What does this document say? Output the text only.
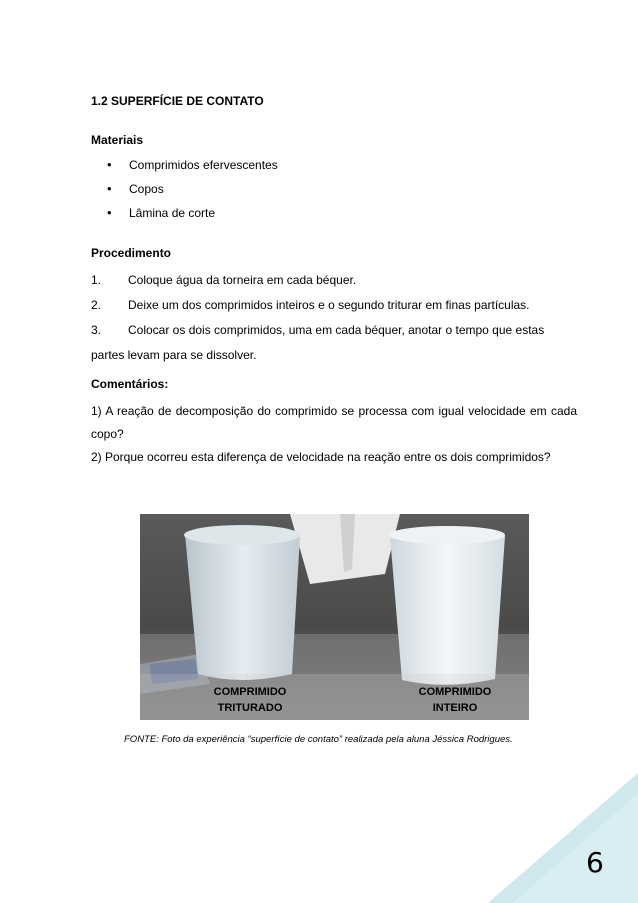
1.2 SUPERFÍCIE DE CONTATO
Materiais
• Comprimidos efervescentes
• Copos
• Lâmina de corte
Procedimento
1.	Coloque água da torneira em cada béquer.
2.	Deixe um dos comprimidos inteiros e o segundo triturar em finas partículas.
3.	Colocar os dois comprimidos, uma em cada béquer, anotar o tempo que estas partes levam para se dissolver.
Comentários:

1) A reação de decomposição do comprimido se processa com igual velocidade em cada copo?

2) Porque ocorreu esta diferença de velocidade na reação entre os dois comprimidos?

COMPRIMIDO
TRITURADO
COMPRIMIDO
INTEIRO
FONTE: Foto da experiência “superfície de contato” realizada pela aluna Jéssica Rodrigues.
6
